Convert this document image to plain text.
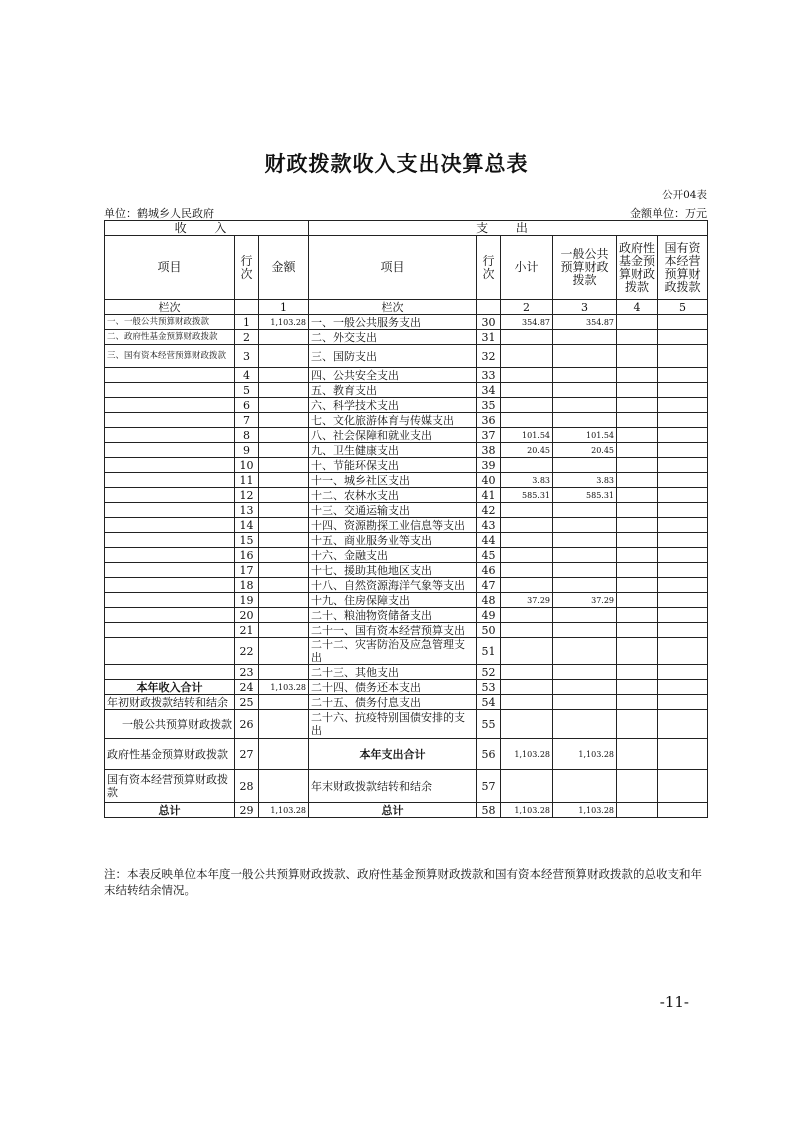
财政拨款收入支出决算总表
公开04表
单位：鹤城乡人民政府	金额单位：万元
收 入			支 出					
项目	行次	金额	项目	行次	小计	一般公共预算财政拨款	政府性基金预算财政拨款	国有资本经营预算财政拨款
栏次		1	栏次		2	3	4	5
一、一般公共预算财政拨款	1	1,103.28	一、一般公共服务支出	30	354.87	354.87		
二、政府性基金预算财政拨款	2		二、外交支出	31				
三、国有资本经营预算财政拨款	3		三、国防支出	32				
	4		四、公共安全支出	33				
	5		五、教育支出	34				
	6		六、科学技术支出	35				
	7		七、文化旅游体育与传媒支出	36				
	8		八、社会保障和就业支出	37	101.54	101.54		
	9		九、卫生健康支出	38	20.45	20.45		
	10		十、节能环保支出	39				
	11		十一、城乡社区支出	40	3.83	3.83		
	12		十二、农林水支出	41	585.31	585.31		
	13		十三、交通运输支出	42				
	14		十四、资源勘探工业信息等支出	43				
	15		十五、商业服务业等支出	44				
	16		十六、金融支出	45				
	17		十七、援助其他地区支出	46				
	18		十八、自然资源海洋气象等支出	47				
	19		十九、住房保障支出	48	37.29	37.29		
	20		二十、粮油物资储备支出	49				
	21		二十一、国有资本经营预算支出	50				
	22		二十二、灾害防治及应急管理支出	51				
	23		二十三、其他支出	52				
本年收入合计	24	1,103.28	二十四、债务还本支出	53				
年初财政拨款结转和结余	25		二十五、债务付息支出	54				
一般公共预算财政拨款	26		二十六、抗疫特别国债安排的支出	55				
政府性基金预算财政拨款	27		本年支出合计	56	1,103.28	1,103.28		
国有资本经营预算财政拨款	28		年末财政拨款结转和结余	57				
总计	29	1,103.28	总计	58	1,103.28	1,103.28		
注：本表反映单位本年度一般公共预算财政拨款、政府性基金预算财政拨款和国有资本经营预算财政拨款的总收支和年末结转结余情况。
-11-
